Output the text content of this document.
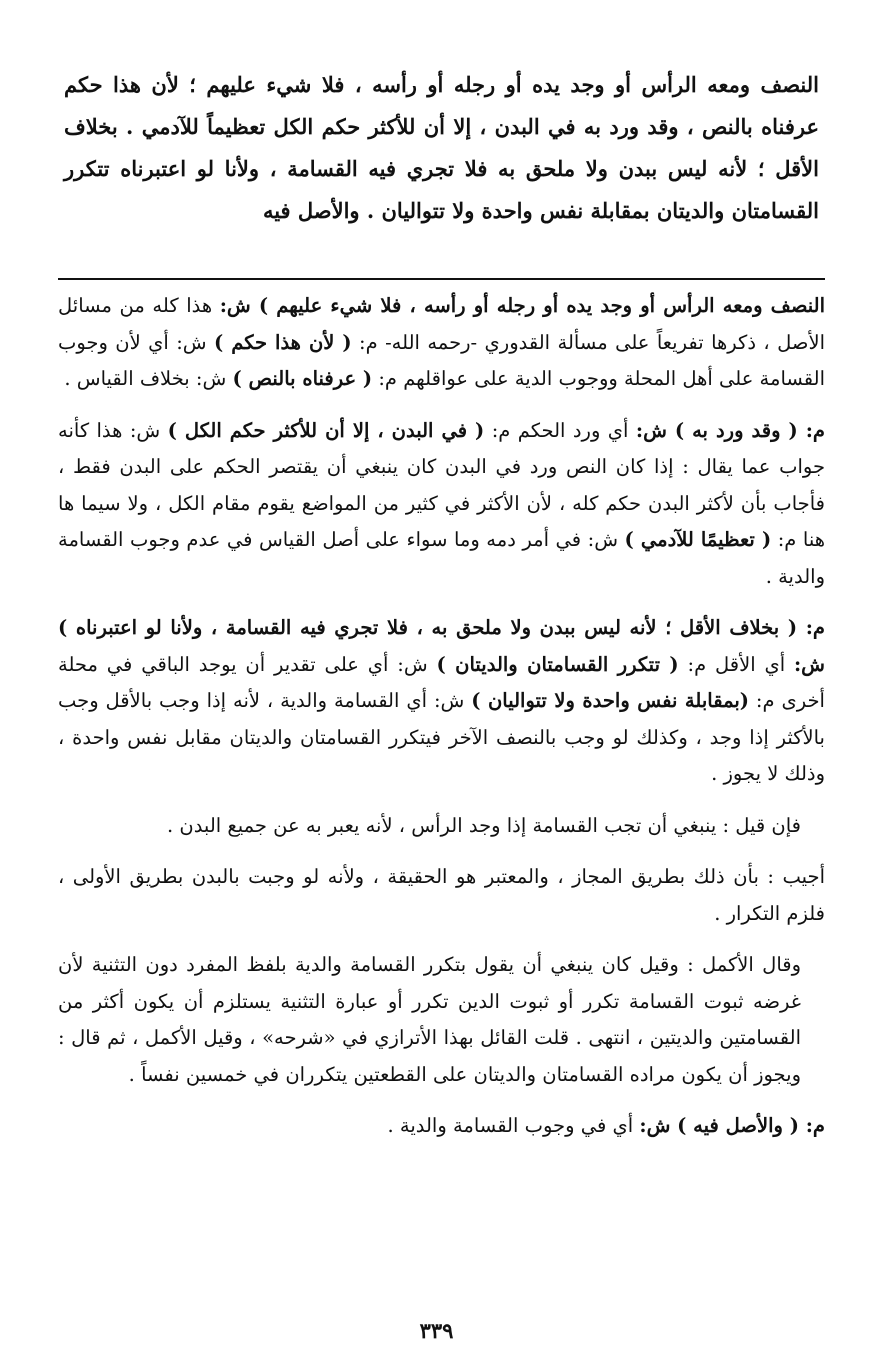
النصف ومعه الرأس أو وجد يده أو رجله أو رأسه ، فلا شيء عليهم ؛ لأن هذا حكم عرفناه بالنص ، وقد ورد به في البدن ، إلا أن للأكثر حكم الكل تعظيماً للآدمي . بخلاف الأقل ؛ لأنه ليس ببدن ولا ملحق به فلا تجري فيه القسامة ، ولأنا لو اعتبرناه تتكرر القسامتان والديتان بمقابلة نفس واحدة ولا تتواليان . والأصل فيه

النصف ومعه الرأس أو وجد يده أو رجله أو رأسه ، فلا شيء عليهم ) ش: هذا كله من مسائل الأصل ، ذكرها تفريعاً على مسألة القدوري -رحمه الله- م: ( لأن هذا حكم ) ش: أي لأن وجوب القسامة على أهل المحلة ووجوب الدية على عواقلهم م: ( عرفناه بالنص ) ش: بخلاف القياس .

م: ( وقد ورد به ) ش: أي ورد الحكم م: ( في البدن ، إلا أن للأكثر حكم الكل ) ش: هذا كأنه جواب عما يقال : إذا كان النص ورد في البدن كان ينبغي أن يقتصر الحكم على البدن فقط ، فأجاب بأن لأكثر البدن حكم كله ، لأن الأكثر في كثير من المواضع يقوم مقام الكل ، ولا سيما ها هنا م: ( تعظيمًا للآدمي ) ش: في أمر دمه وما سواء على أصل القياس في عدم وجوب القسامة والدية .

م: ( بخلاف الأقل ؛ لأنه ليس ببدن ولا ملحق به ، فلا تجري فيه القسامة ، ولأنا لو اعتبرناه ) ش: أي الأقل م: ( تتكرر القسامتان والديتان ) ش: أي على تقدير أن يوجد الباقي في محلة أخرى م: (بمقابلة نفس واحدة ولا تتواليان ) ش: أي القسامة والدية ، لأنه إذا وجب بالأقل وجب بالأكثر إذا وجد ، وكذلك لو وجب بالنصف الآخر فيتكرر القسامتان والديتان مقابل نفس واحدة ، وذلك لا يجوز .

فإن قيل : ينبغي أن تجب القسامة إذا وجد الرأس ، لأنه يعبر به عن جميع البدن .

أجيب : بأن ذلك بطريق المجاز ، والمعتبر هو الحقيقة ، ولأنه لو وجبت بالبدن بطريق الأولى ، فلزم التكرار .

وقال الأكمل : وقيل كان ينبغي أن يقول بتكرر القسامة والدية بلفظ المفرد دون التثنية لأن غرضه ثبوت القسامة تكرر أو ثبوت الدين تكرر أو عبارة التثنية يستلزم أن يكون أكثر من القسامتين والديتين ، انتهى . قلت القائل بهذا الأترازي في «شرحه» ، وقيل الأكمل ، ثم قال : ويجوز أن يكون مراده القسامتان والديتان على القطعتين يتكرران في خمسين نفساً .

م: ( والأصل فيه ) ش: أي في وجوب القسامة والدية .

٣٣٩
